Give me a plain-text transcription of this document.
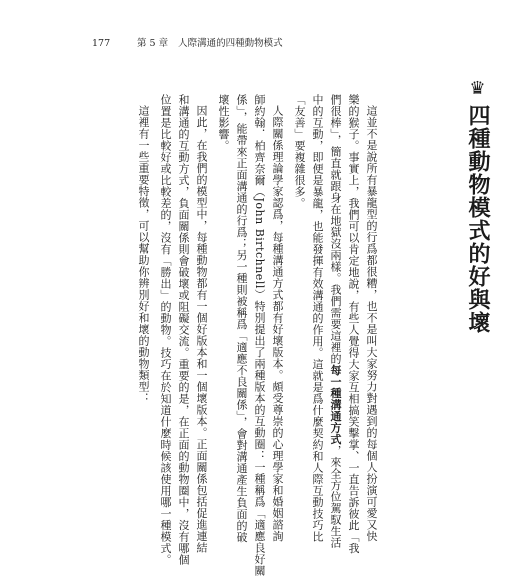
177	第 5 章 人際溝通的四種動物模式
♛四種動物模式的好與壞
這並不是說所有暴龍型的行爲都很糟，也不是叫大家努力對遇到的每個人扮演可愛又快
樂的猴子。事實上，我們可以肯定地說，有些人覺得大家互相搞笑擊掌、一直告訴彼此「我
們很棒」，簡直就跟身在地獄沒兩樣。我們需要這裡的每一種溝通方式，來全方位駕馭生活
中的互動，即便是暴龍，也能發揮有效溝通的作用。這就是爲什麼契約和人際互動技巧比
「友善」要複雜很多。
人際關係理論學家認爲，每種溝通方式都有好壞版本。頗受尊崇的心理學家和婚姻諮詢
師約翰．柏齊奈爾（John Birtchnell）特別提出了兩種版本的互動圈：一種稱爲「適應良好關
係」，能帶來正面溝通的行爲；另一種則被稱爲「適應不良關係」，會對溝通產生負面的破
壞性影響。
因此，在我們的模型中，每種動物都有一個好版本和一個壞版本。正面關係包括促進連結
和溝通的互動方式，負面關係則會破壞或阻礙交流。重要的是，在正面的動物圈中，沒有哪個
位置是比較好或比較差的，沒有「勝出」的動物。技巧在於知道什麼時候該使用哪一種模式。
這裡有一些重要特徵，可以幫助你辨別好和壞的動物類型：
